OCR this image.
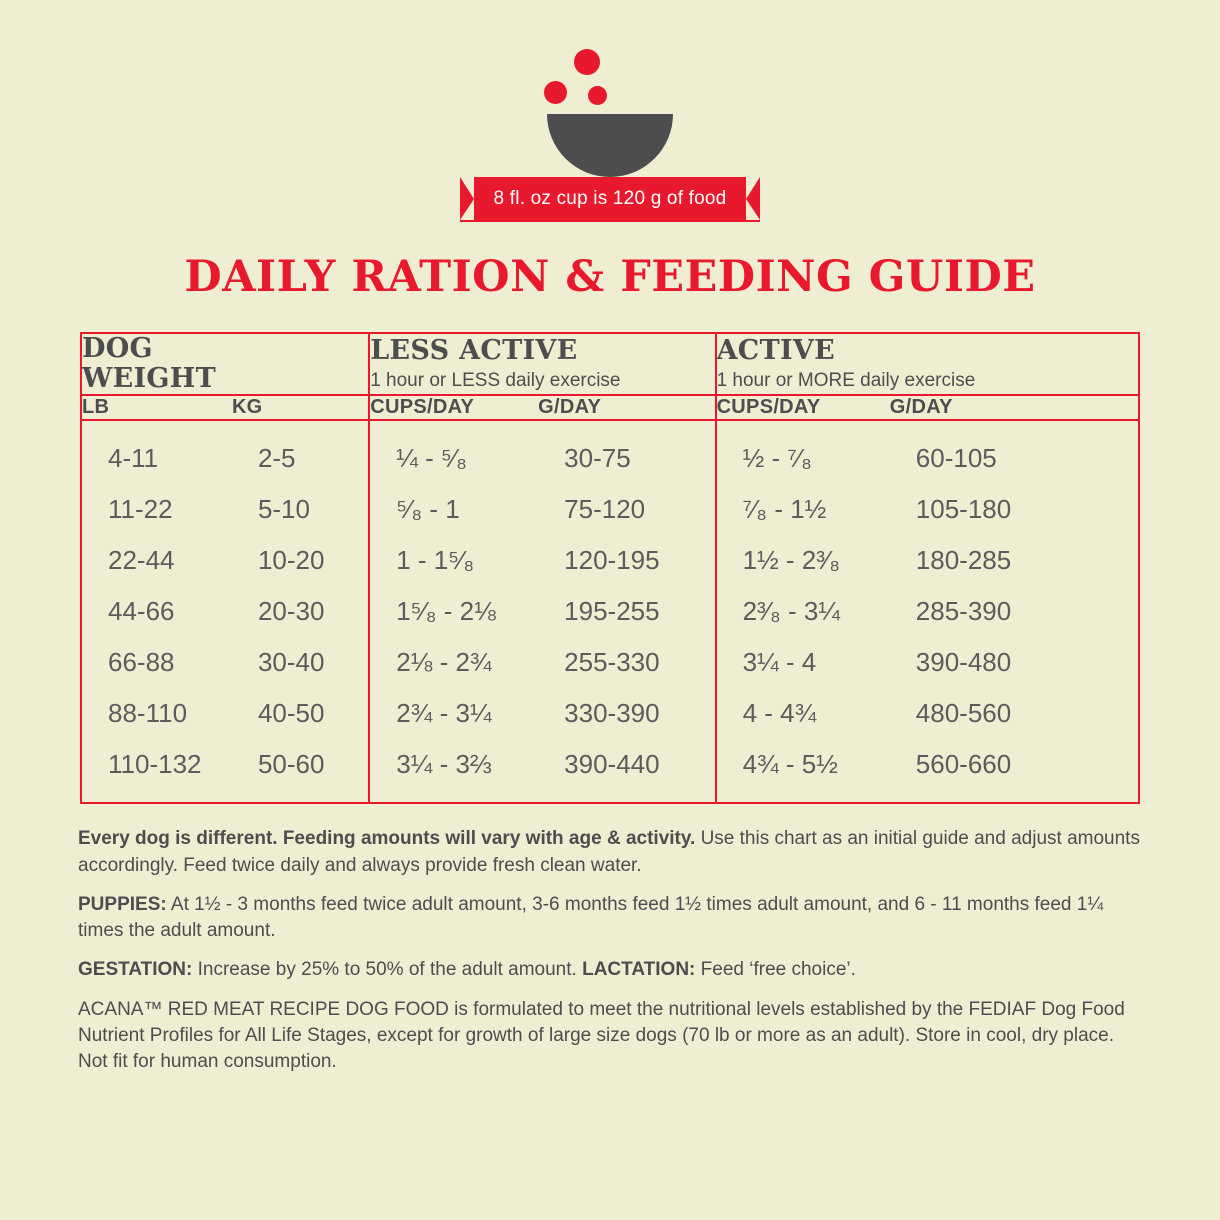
8 fl. oz cup is 120 g of food
DAILY RATION & FEEDING GUIDE
DOG
WEIGHT

LESS ACTIVE
1 hour or LESS daily exercise

ACTIVE
1 hour or MORE daily exercise

LB	KG	CUPS/DAY	G/DAY	CUPS/DAY	G/DAY
4-11	2-5	¼ - ⁵⁄₈	30-75	½ - ⁷⁄₈	60-105
11-22	5-10	⁵⁄₈ - 1	75-120	⁷⁄₈ - 1½	105-180
22-44	10-20	1 - 1⁵⁄₈	120-195	1½ - 2³⁄₈	180-285
44-66	20-30	1⁵⁄₈ - 2⅛	195-255	2³⁄₈ - 3¼	285-390
66-88	30-40	2⅛ - 2¾	255-330	3¼ - 4	390-480
88-110	40-50	2¾ - 3¼	330-390	4 - 4¾	480-560
110-132	50-60	3¼ - 3⅔	390-440	4¾ - 5½	560-660

Every dog is different. Feeding amounts will vary with age & activity. Use this chart as an initial guide and adjust amounts accordingly. Feed twice daily and always provide fresh clean water.

PUPPIES: At 1½ - 3 months feed twice adult amount, 3-6 months feed 1½ times adult amount, and 6 - 11 months feed 1¼ times the adult amount.

GESTATION: Increase by 25% to 50% of the adult amount. LACTATION: Feed ‘free choice’.

ACANA™ RED MEAT RECIPE DOG FOOD is formulated to meet the nutritional levels established by the FEDIAF Dog Food Nutrient Profiles for All Life Stages, except for growth of large size dogs (70 lb or more as an adult). Store in cool, dry place. Not fit for human consumption.
